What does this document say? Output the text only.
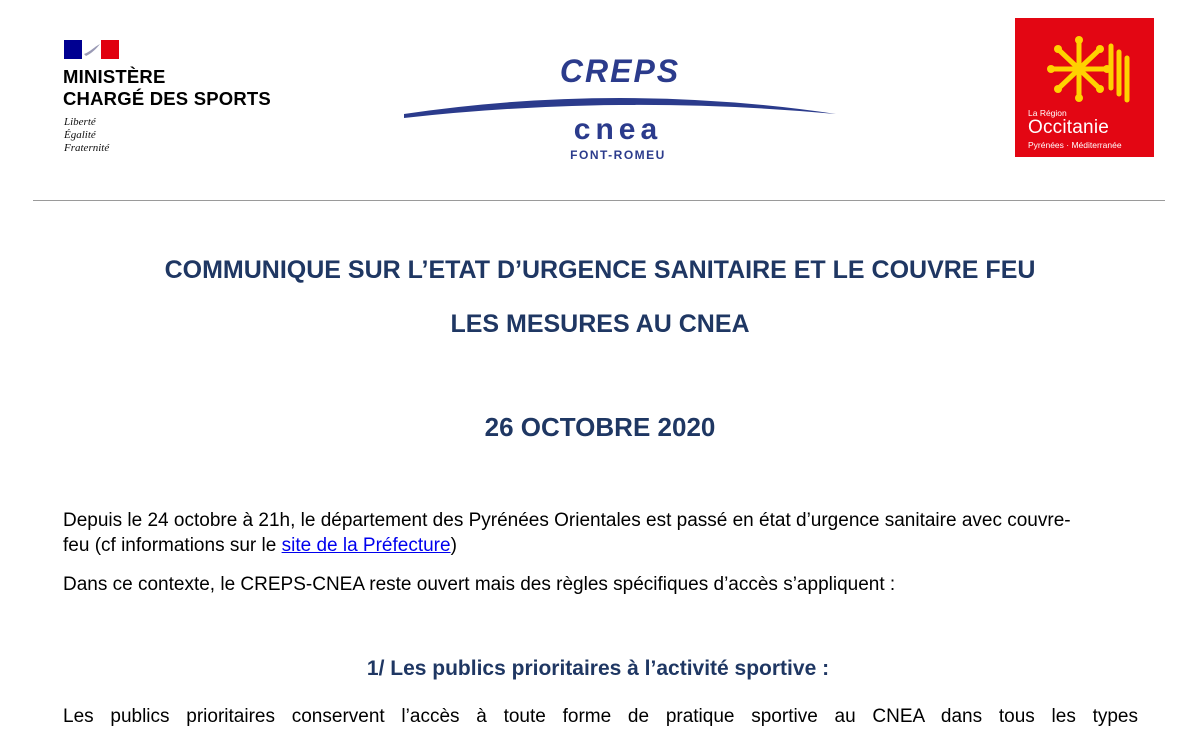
MINISTÈRE
CHARGÉ DES SPORTS
Liberté
Égalité
Fraternité
CREPS
cnea
FONT-ROMEU
La Région
Occitanie
Pyrénées · Méditerranée
COMMUNIQUE SUR L’ETAT D’URGENCE SANITAIRE ET LE COUVRE FEU
LES MESURES AU CNEA
26 OCTOBRE 2020
Depuis le 24 octobre à 21h, le département des Pyrénées Orientales est passé en état d’urgence sanitaire avec couvre-
feu (cf informations sur le site de la Préfecture)
Dans ce contexte, le CREPS-CNEA reste ouvert mais des règles spécifiques d’accès s’appliquent :
1/ Les publics prioritaires à l’activité sportive :
Les publics prioritaires conservent l’accès à toute forme de pratique sportive au CNEA dans tous les types
